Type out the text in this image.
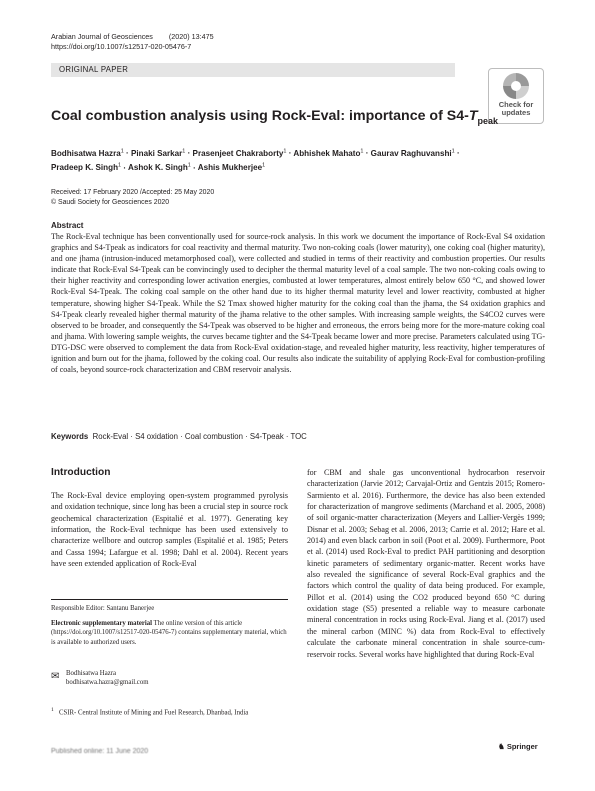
Arabian Journal of Geosciences (2020) 13:475
https://doi.org/10.1007/s12517-020-05476-7
ORIGINAL PAPER
Check for
updates
Coal combustion analysis using Rock-Eval: importance of $S4-T_{peak}$
Bodhisatwa Hazra$^1$ · Pinaki Sarkar$^1$ · Prasenjeet Chakraborty$^1$ · Abhishek Mahato$^1$ · Gaurav Raghuvanshi$^1$ ·
Pradeep K. Singh$^1$ · Ashok K. Singh$^1$ · Ashis Mukherjee$^1$
Received: 17 February 2020 /Accepted: 25 May 2020
© Saudi Society for Geosciences 2020
Abstract
The Rock-Eval technique has been conventionally used for source-rock analysis. In this work we document the importance of Rock-Eval S4 oxidation graphics and S4-Tpeak as indicators for coal reactivity and thermal maturity. Two non-coking coals (lower maturity), one coking coal (higher maturity), and one jhama (intrusion-induced metamorphosed coal), were collected and studied in terms of their reactivity and combustion properties. Our results indicate that Rock-Eval S4-Tpeak can be convincingly used to decipher the thermal maturity level of a coal sample. The two non-coking coals owing to their higher reactivity and corresponding lower activation energies, combusted at lower temperatures, almost entirely below 650 °C, and showed lower Rock-Eval S4-Tpeak. The coking coal sample on the other hand due to its higher thermal maturity level and lower reactivity, combusted at higher temperature, showing higher S4-Tpeak. While the S2 Tmax showed higher maturity for the coking coal than the jhama, the S4 oxidation graphics and S4-Tpeak clearly revealed higher thermal maturity of the jhama relative to the other samples. With increasing sample weights, the S4CO2 curves were observed to be broader, and consequently the S4-Tpeak was observed to be higher and erroneous, the errors being more for the more-mature coking coal and jhama. With lowering sample weights, the curves became tighter and the S4-Tpeak became lower and more precise. Parameters calculated using TG-DTG-DSC were observed to complement the data from Rock-Eval oxidation-stage, and revealed higher maturity, less reactivity, higher temperatures of ignition and burn out for the jhama, followed by the coking coal. Our results also indicate the suitability of applying Rock-Eval for combustion-profiling of coals, beyond source-rock characterization and CBM reservoir analysis.
Keywords Rock-Eval · S4 oxidation · Coal combustion · S4-Tpeak · TOC
Introduction
The Rock-Eval device employing open-system programmed pyrolysis and oxidation technique, since long has been a crucial step in source rock geochemical characterization (Espitalié et al. 1977). Generating key information, the Rock-Eval technique has been used extensively to characterize wellbore and outcrop samples (Espitalié et al. 1985; Peters and Cassa 1994; Lafargue et al. 1998; Dahl et al. 2004). Recent years have seen extended application of Rock-Eval
for CBM and shale gas unconventional hydrocarbon reservoir characterization (Jarvie 2012; Carvajal-Ortiz and Gentzis 2015; Romero-Sarmiento et al. 2016). Furthermore, the device has also been extended for characterization of mangrove sediments (Marchand et al. 2005, 2008) of soil organic-matter characterization (Meyers and Lallier-Vergès 1999; Disnar et al. 2003; Sebag et al. 2006, 2013; Carrie et al. 2012; Hare et al. 2014) and even black carbon in soil (Poot et al. 2009). Furthermore, Poot et al. (2014) used Rock-Eval to predict PAH partitioning and desorption kinetic parameters of sedimentary organic-matter. Recent works have also revealed the significance of several Rock-Eval graphics and the factors which control the quality of data being produced. For example, Pillot et al. (2014) using the CO2 produced beyond 650 °C during oxidation stage (S5) presented a reliable way to measure carbonate mineral concentration in rocks using Rock-Eval. Jiang et al. (2017) used the mineral carbon (MINC %) data from Rock-Eval to effectively calculate the carbonate mineral concentration in shale source-cum-reservoir rocks. Several works have highlighted that during Rock-Eval
Responsible Editor: Santanu Banerjee
Electronic supplementary material The online version of this article (https://doi.org/10.1007/s12517-020-05476-7) contains supplementary material, which is available to authorized users.
✉ Bodhisatwa Hazra
bodhisatwa.hazra@gmail.com
$^1$ CSIR- Central Institute of Mining and Fuel Research, Dhanbad, India
Published online: 11 June 2020
♞ Springer
